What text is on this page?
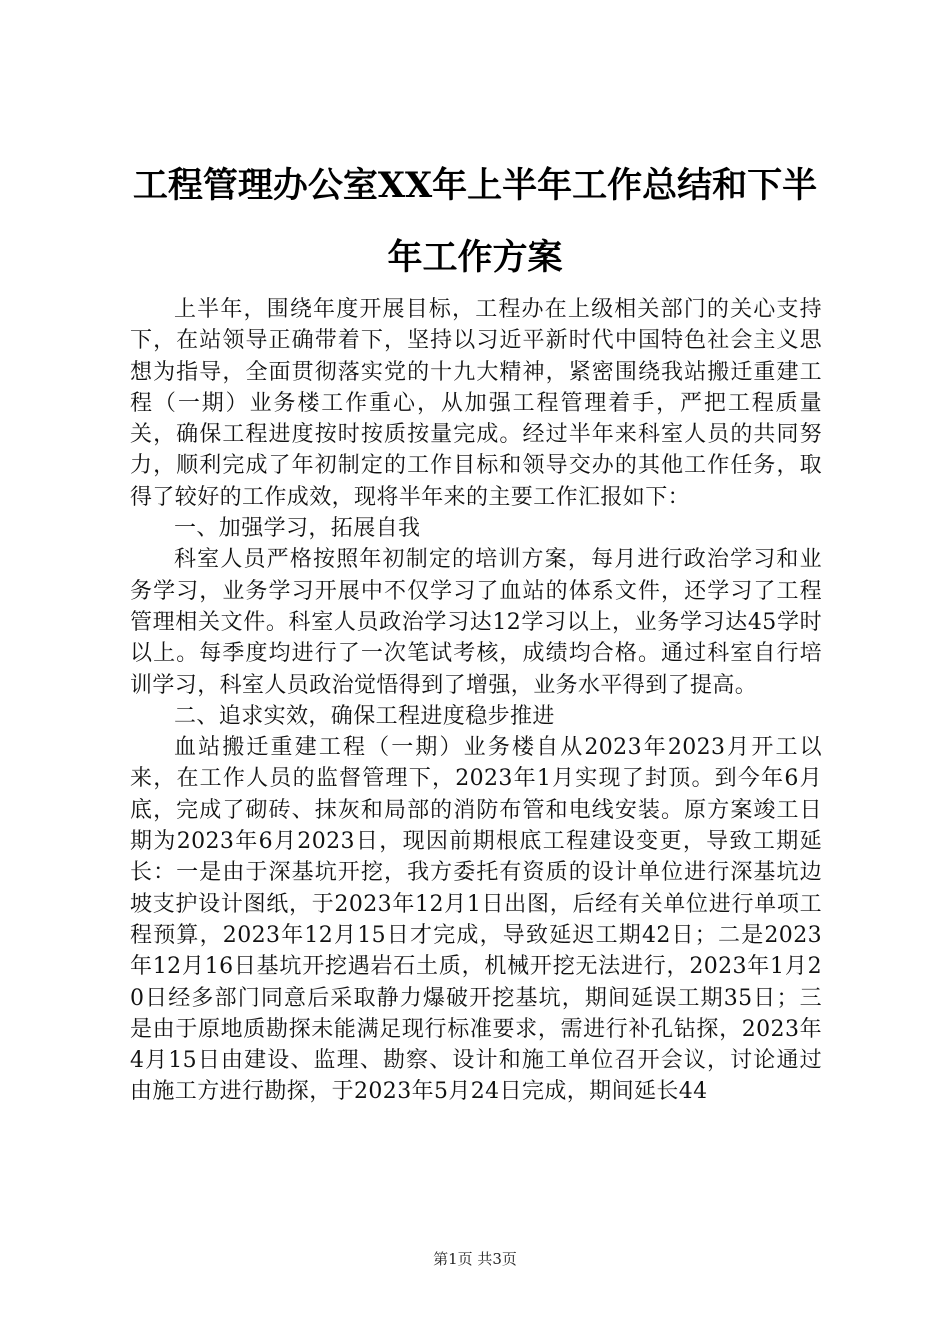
工程管理办公室XX年上半年工作总结和下半
年工作方案

上半年，围绕年度开展目标，工程办在上级相关部门的关心支持下，在站领导正确带着下，坚持以习近平新时代中国特色社会主义思想为指导，全面贯彻落实党的十九大精神，紧密围绕我站搬迁重建工程（一期）业务楼工作重心，从加强工程管理着手，严把工程质量关，确保工程进度按时按质按量完成。经过半年来科室人员的共同努力，顺利完成了年初制定的工作目标和领导交办的其他工作任务，取得了较好的工作成效，现将半年来的主要工作汇报如下：

一、加强学习，拓展自我

科室人员严格按照年初制定的培训方案，每月进行政治学习和业务学习，业务学习开展中不仅学习了血站的体系文件，还学习了工程管理相关文件。科室人员政治学习达12学习以上，业务学习达45学时以上。每季度均进行了一次笔试考核，成绩均合格。通过科室自行培训学习，科室人员政治觉悟得到了增强，业务水平得到了提高。

二、追求实效，确保工程进度稳步推进

血站搬迁重建工程（一期）业务楼自从2023年2023月开工以来，在工作人员的监督管理下，2023年1月实现了封顶。到今年6月底，完成了砌砖、抹灰和局部的消防布管和电线安装。原方案竣工日期为2023年6月2023日，现因前期根底工程建设变更，导致工期延长：一是由于深基坑开挖，我方委托有资质的设计单位进行深基坑边坡支护设计图纸，于2023年12月1日出图，后经有关单位进行单项工程预算，2023年12月15日才完成，导致延迟工期42日；二是2023年12月16日基坑开挖遇岩石土质，机械开挖无法进行，2023年1月20日经多部门同意后采取静力爆破开挖基坑，期间延误工期35日；三是由于原地质勘探未能满足现行标准要求，需进行补孔钻探，2023年4月15日由建设、监理、勘察、设计和施工单位召开会议，讨论通过由施工方进行勘探，于2023年5月24日完成，期间延长44

第1页 共3页
